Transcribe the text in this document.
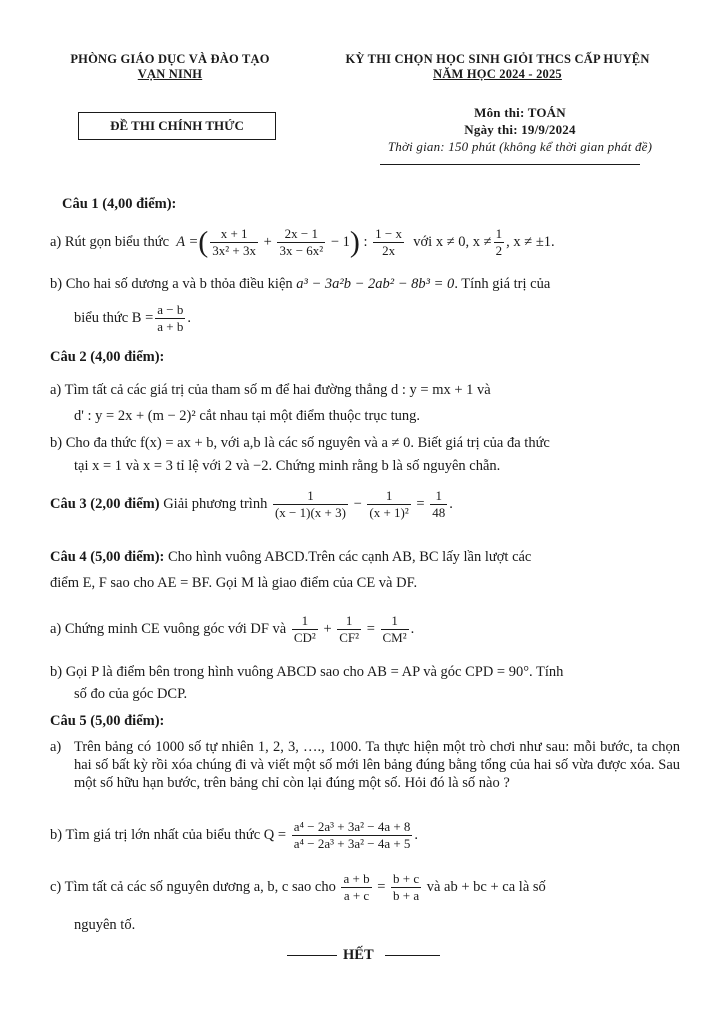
PHÒNG GIÁO DỤC VÀ ĐÀO TẠO
VẠN NINH
KỲ THI CHỌN HỌC SINH GIỎI THCS CẤP HUYỆN
NĂM HỌC 2024 - 2025
ĐỀ THI CHÍNH THỨC
Môn thi: TOÁN
Ngày thi: 19/9/2024
Thời gian: 150 phút (không kể thời gian phát đề)
Câu 1 (4,00 điểm):
a) Rút gọn biểu thức  A =( $\frac{x + 1}{\text{3x² + 3x}} + \frac{2x - 1}{\text{3x − 6x²}} - 1$) : $\frac{1 - x}{2x}$ với x ≠ 0, $x \ne \frac{1}{2}$ , x ≠ ±1.
b) Cho hai số dương a và b thỏa điều kiện a³ − 3a²b − 2ab² − 8b³ = 0. Tính giá trị của
biểu thức $B = \frac{a - b}{a + b}$ .
Câu 2 (4,00 điểm):
a) Tìm tất cả các giá trị của tham số m để hai đường thẳng d : y = mx + 1 và
d' : y = 2x + (m − 2)² cắt nhau tại một điểm thuộc trục tung.
b) Cho đa thức f(x) = ax + b, với a,b là các số nguyên và a ≠ 0. Biết giá trị của đa thức
tại x = 1 và x = 3 tỉ lệ với 2 và −2. Chứng minh rằng b là số nguyên chẵn.
Câu 3 (2,00 điểm) Giải phương trình $\frac{1}{(x - 1)(x + 3)} - \frac{1}{\text{(x + 1)²}} = \frac{1}{48}$ .
Câu 4 (5,00 điểm): Cho hình vuông ABCD.Trên các cạnh AB, BC lấy lần lượt các
điểm E, F sao cho AE = BF. Gọi M là giao điểm của CE và DF.
a) Chứng minh CE vuông góc với DF và $\frac{1}{\text{CD²}} + \frac{1}{\text{CF²}} = \frac{1}{\text{CM²}}$ .
b) Gọi P là điểm bên trong hình vuông ABCD sao cho AB = AP và góc CPD = 90°. Tính
số đo của góc DCP.
Câu 5 (5,00 điểm):
a) Trên bảng có 1000 số tự nhiên 1, 2, 3, …., 1000. Ta thực hiện một trò chơi như sau: mỗi bước, ta chọn hai số bất kỳ rồi xóa chúng đi và viết một số mới lên bảng đúng bằng tổng của hai số vừa được xóa. Sau một số hữu hạn bước, trên bảng chỉ còn lại đúng một số. Hỏi đó là số nào ?
b) Tìm giá trị lớn nhất của biểu thức $Q = \frac{\text{a⁴ − 2a³ + 3a² − 4a + 8}}{\text{a⁴ − 2a³ + 3a² − 4a + 5}}$ .
c) Tìm tất cả các số nguyên dương a, b, c sao cho $\frac{a + b}{a + c} = \frac{b + c}{b + a}$ và ab + bc + ca là số
nguyên tố.
HẾT
